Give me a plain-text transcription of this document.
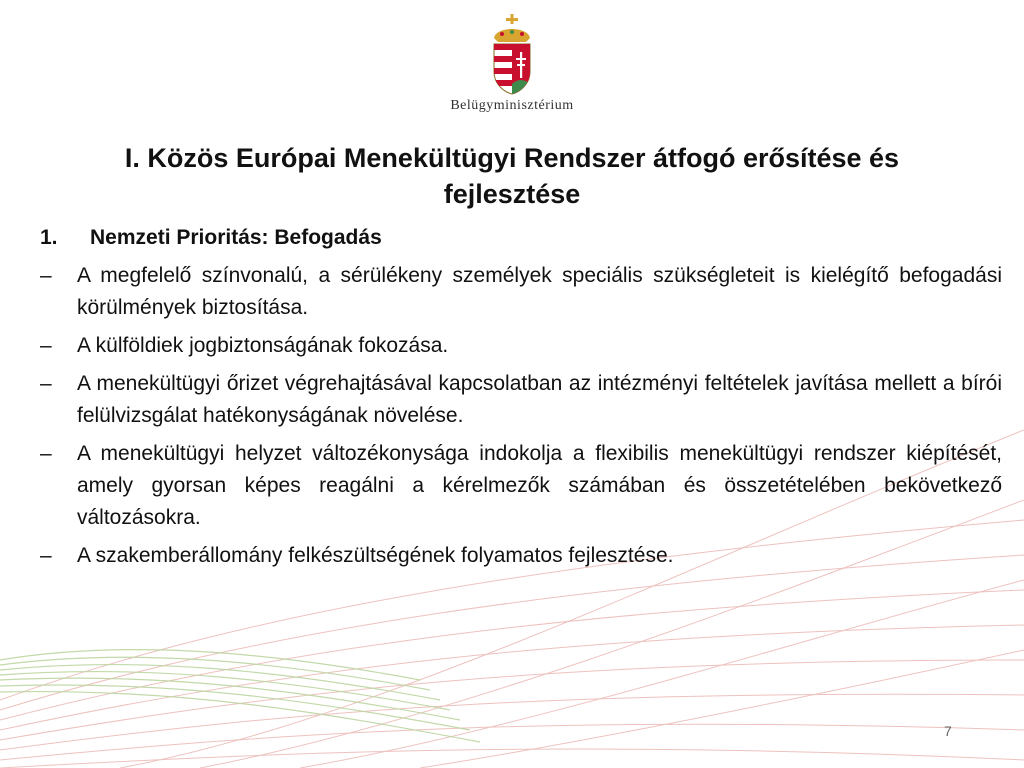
Belügyminisztérium
I. Közös Európai Menekültügyi Rendszer átfogó erősítése és fejlesztése
1.	Nemzeti Prioritás: Befogadás
– A megfelelő színvonalú, a sérülékeny személyek speciális szükségleteit is kielégítő befogadási körülmények biztosítása.
– A külföldiek jogbiztonságának fokozása.
– A menekültügyi őrizet végrehajtásával kapcsolatban az intézményi feltételek javítása mellett a bírói felülvizsgálat hatékonyságának növelése.
– A menekültügyi helyzet változékonysága indokolja a flexibilis menekültügyi rendszer kiépítését, amely gyorsan képes reagálni a kérelmezők számában és összetételében bekövetkező változásokra.
– A szakemberállomány felkészültségének folyamatos fejlesztése.
7
